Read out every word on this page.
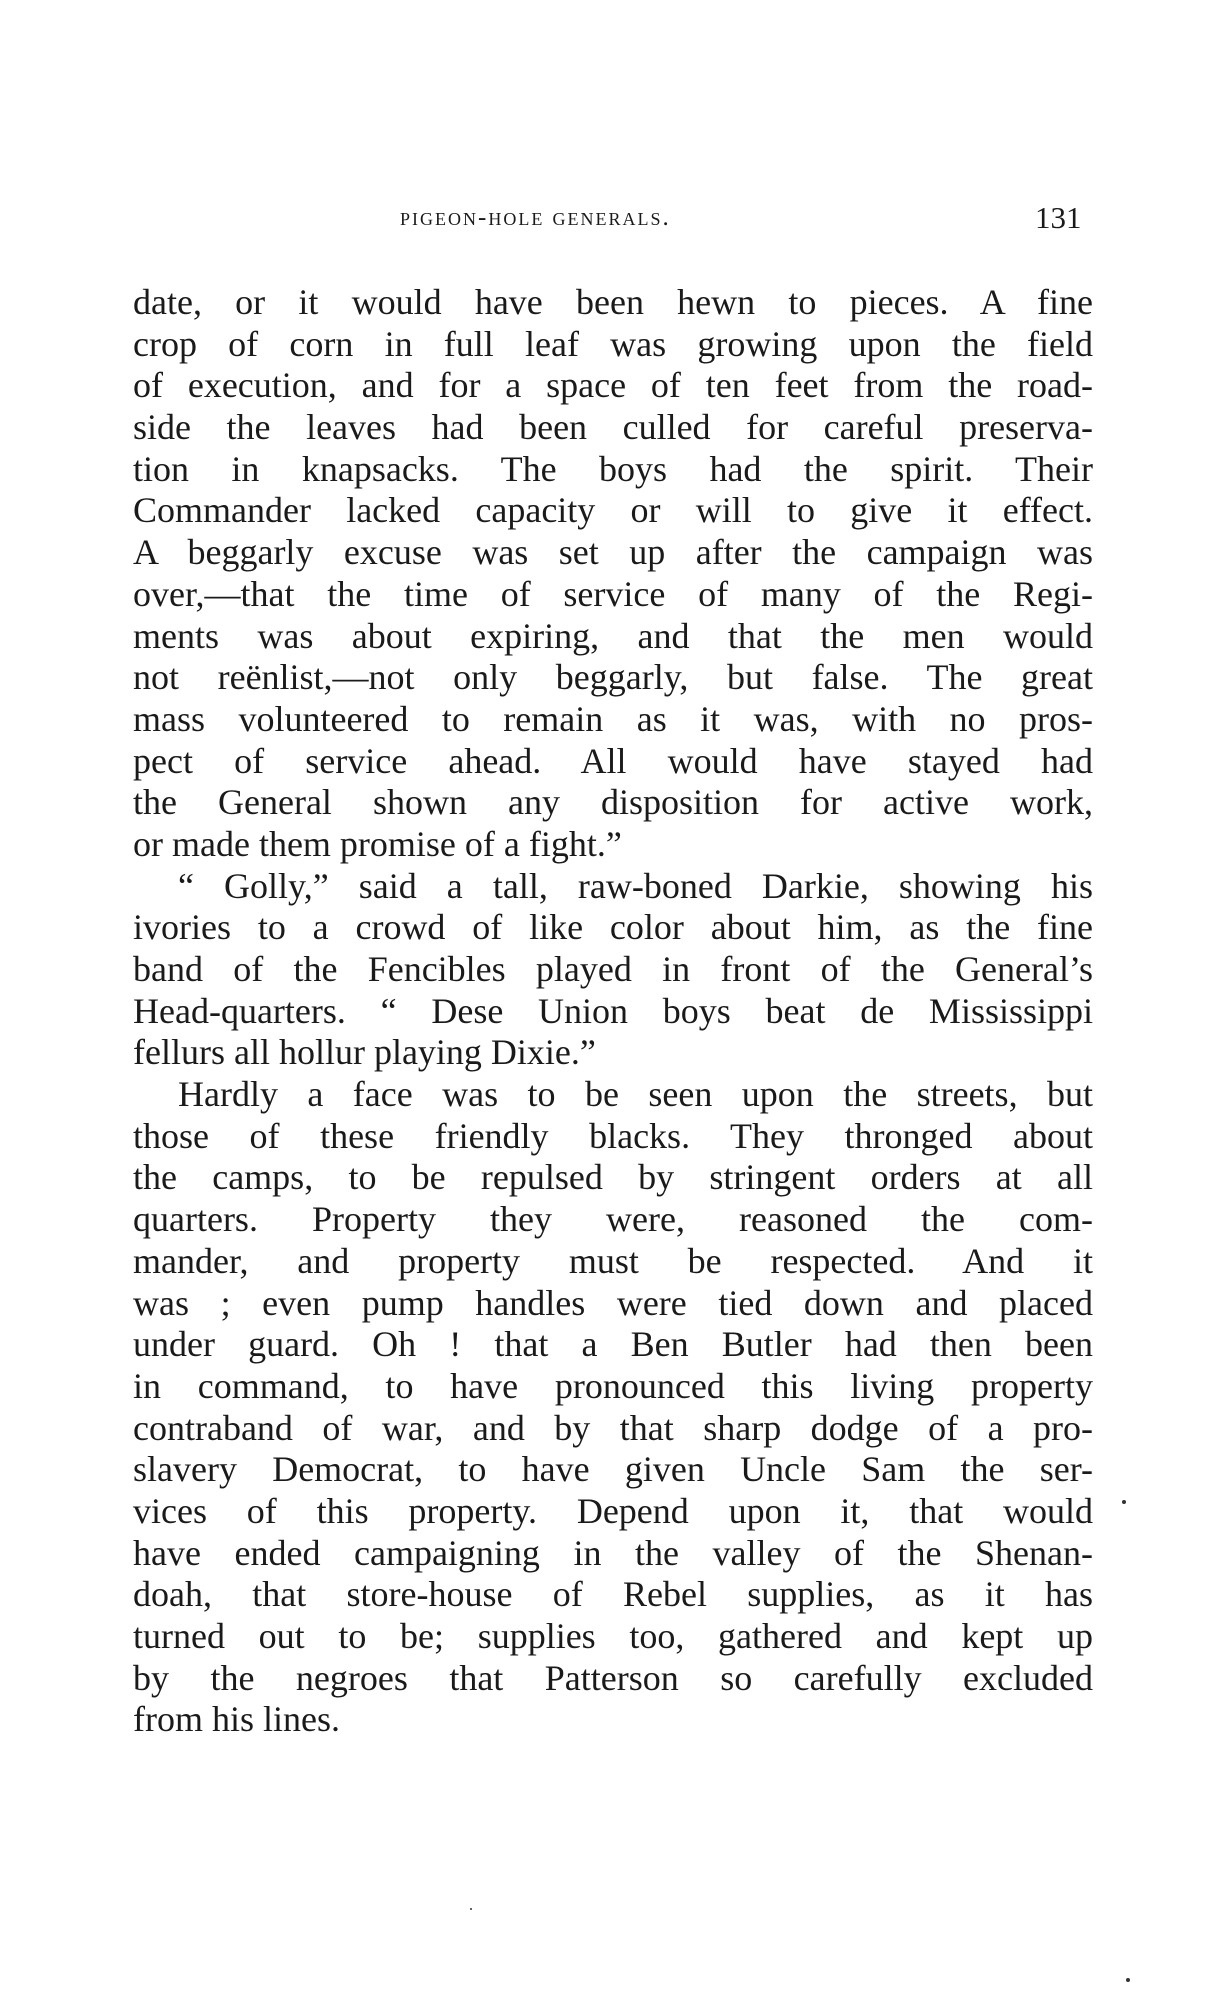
pigeon-hole generals.	131
date, or it would have been hewn to pieces. A fine
crop of corn in full leaf was growing upon the field
of execution, and for a space of ten feet from the road-
side the leaves had been culled for careful preserva-
tion in knapsacks. The boys had the spirit. Their
Commander lacked capacity or will to give it effect.
A beggarly excuse was set up after the campaign was
over,—that the time of service of many of the Regi-
ments was about expiring, and that the men would
not reënlist,—not only beggarly, but false. The great
mass volunteered to remain as it was, with no pros-
pect of service ahead. All would have stayed had
the General shown any disposition for active work,
or made them promise of a fight.”
“ Golly,” said a tall, raw-boned Darkie, showing his
ivories to a crowd of like color about him, as the fine
band of the Fencibles played in front of the General’s
Head-quarters. “ Dese Union boys beat de Mississippi
fellurs all hollur playing Dixie.”
Hardly a face was to be seen upon the streets, but
those of these friendly blacks. They thronged about
the camps, to be repulsed by stringent orders at all
quarters. Property they were, reasoned the com-
mander, and property must be respected. And it
was ; even pump handles were tied down and placed
under guard. Oh ! that a Ben Butler had then been
in command, to have pronounced this living property
contraband of war, and by that sharp dodge of a pro-
slavery Democrat, to have given Uncle Sam the ser-
vices of this property. Depend upon it, that would
have ended campaigning in the valley of the Shenan-
doah, that store-house of Rebel supplies, as it has
turned out to be; supplies too, gathered and kept up
by the negroes that Patterson so carefully excluded
from his lines.
